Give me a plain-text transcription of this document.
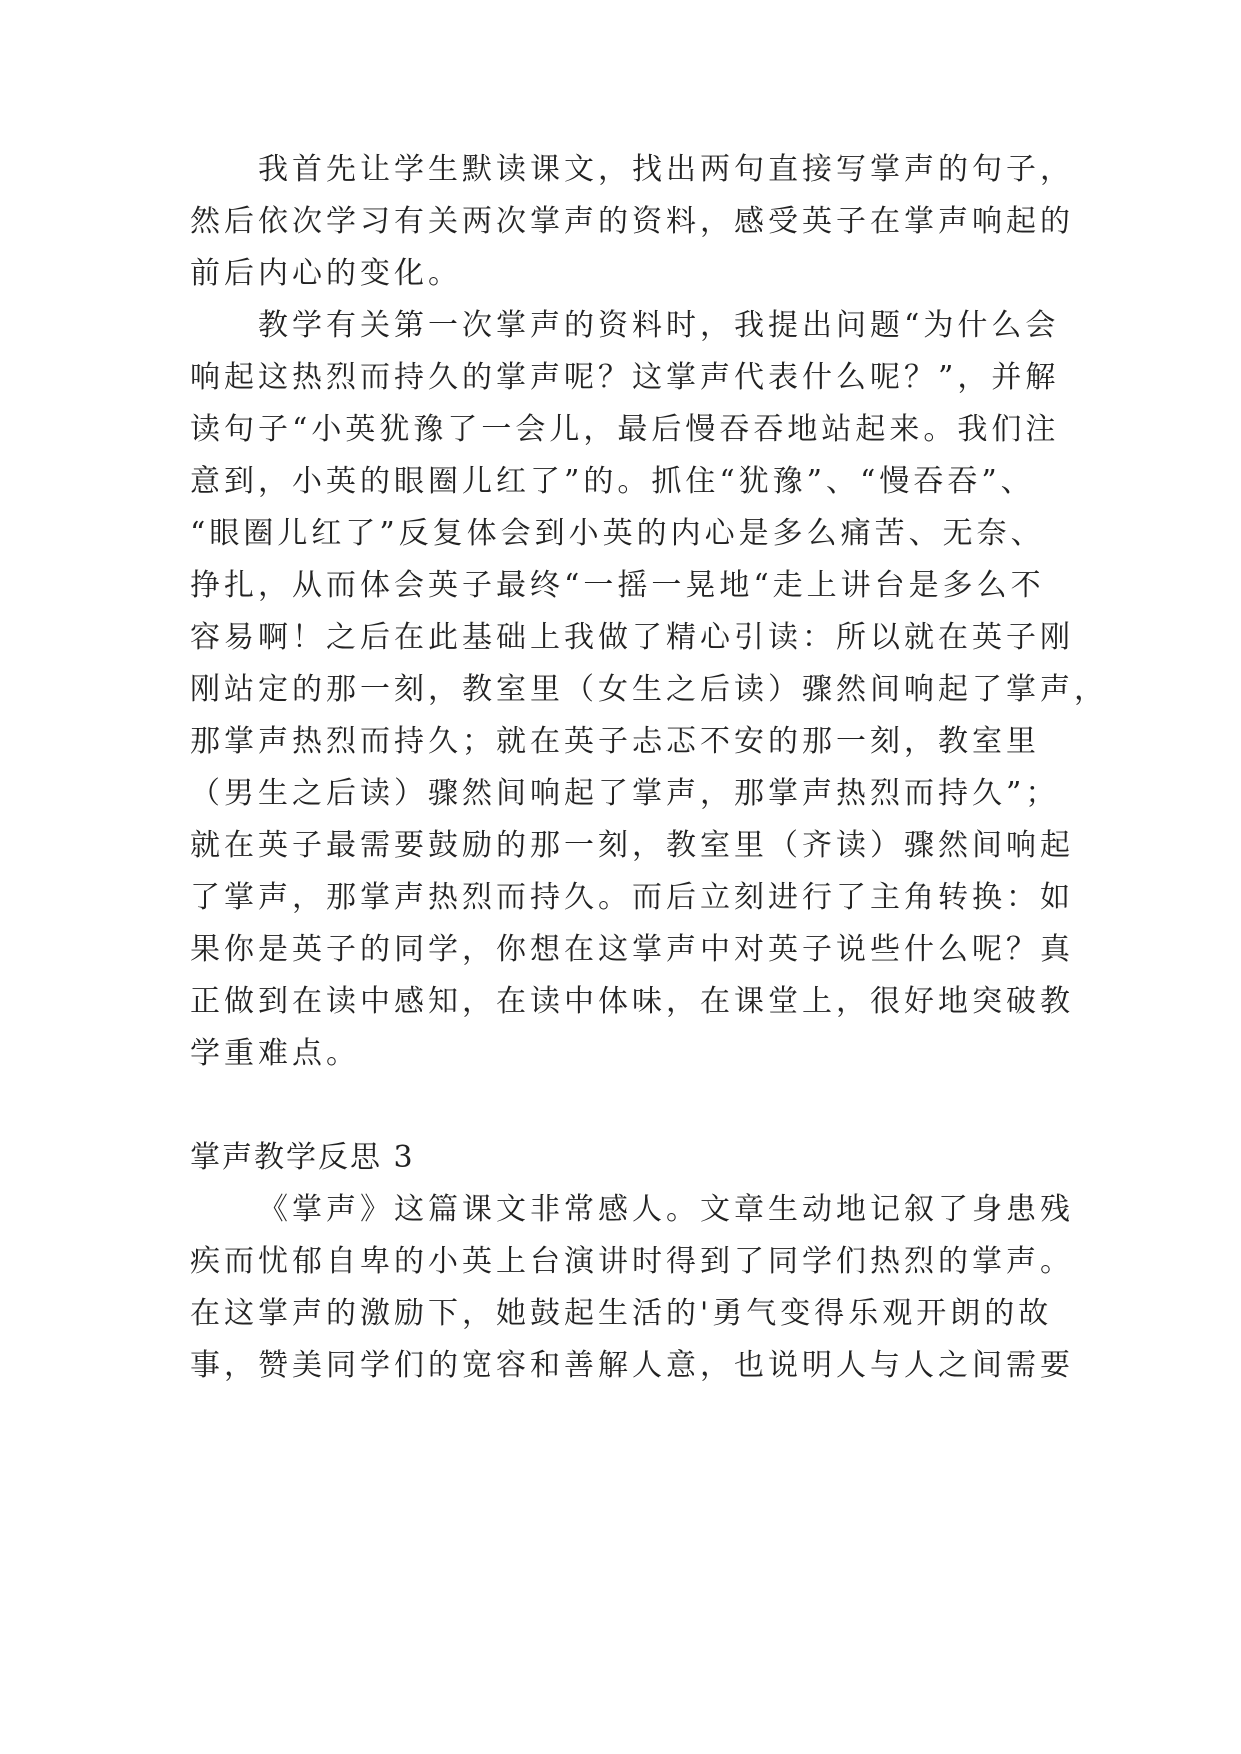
我首先让学生默读课文，找出两句直接写掌声的句子，
然后依次学习有关两次掌声的资料，感受英子在掌声响起的
前后内心的变化。
教学有关第一次掌声的资料时，我提出问题“为什么会
响起这热烈而持久的掌声呢？这掌声代表什么呢？”，并解
读句子“小英犹豫了一会儿，最后慢吞吞地站起来。我们注
意到，小英的眼圈儿红了”的。抓住“犹豫”、“慢吞吞”、
“眼圈儿红了”反复体会到小英的内心是多么痛苦、无奈、
挣扎，从而体会英子最终“一摇一晃地“走上讲台是多么不
容易啊！之后在此基础上我做了精心引读：所以就在英子刚
刚站定的那一刻，教室里（女生之后读）骤然间响起了掌声，
那掌声热烈而持久；就在英子忐忑不安的那一刻，教室里
（男生之后读）骤然间响起了掌声，那掌声热烈而持久”；
就在英子最需要鼓励的那一刻，教室里（齐读）骤然间响起
了掌声，那掌声热烈而持久。而后立刻进行了主角转换：如
果你是英子的同学，你想在这掌声中对英子说些什么呢？真
正做到在读中感知，在读中体味，在课堂上，很好地突破教
学重难点。
掌声教学反思 3
《掌声》这篇课文非常感人。文章生动地记叙了身患残
疾而忧郁自卑的小英上台演讲时得到了同学们热烈的掌声。
在这掌声的激励下，她鼓起生活的'勇气变得乐观开朗的故
事，赞美同学们的宽容和善解人意，也说明人与人之间需要
